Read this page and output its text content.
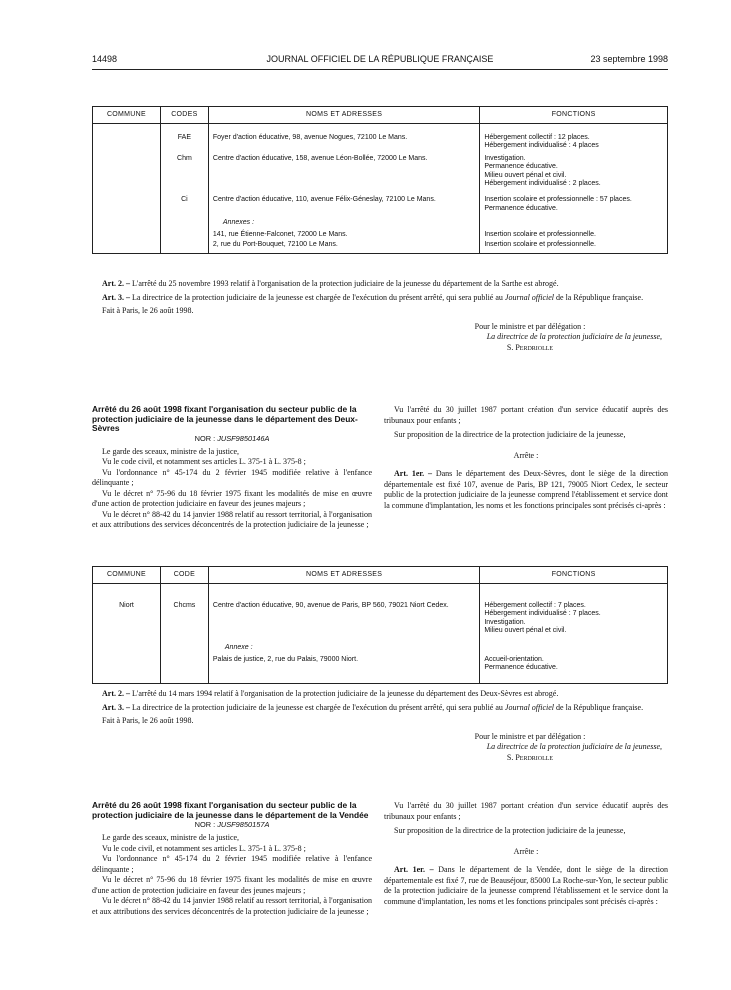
14498	JOURNAL OFFICIEL DE LA RÉPUBLIQUE FRANÇAISE	23 septembre 1998
COMMUNE	CODES	NOMS ET ADRESSES	FONCTIONS
	FAE	Foyer d'action éducative, 98, avenue Nogues, 72100 Le Mans.	Hébergement collectif : 12 places.
Hébergement individualisé : 4 places

	Chm	Centre d'action éducative, 158, avenue Léon-Bollée, 72000 Le Mans.	Investigation.
Permanence éducative.
Milieu ouvert pénal et civil.
Hébergement individualisé : 2 places.

	Ci	Centre d'action éducative, 110, avenue Félix-Géneslay, 72100 Le Mans.	Insertion scolaire et professionnelle : 57 places.
Permanence éducative.

		Annexes :	
		141, rue Étienne-Falconet, 72000 Le Mans.	Insertion scolaire et professionnelle.
		2, rue du Port-Bouquet, 72100 Le Mans.	Insertion scolaire et professionnelle.

Art. 2. – L'arrêté du 25 novembre 1993 relatif à l'organisation de la protection judiciaire de la jeunesse du département de la Sarthe est abrogé.

Art. 3. – La directrice de la protection judiciaire de la jeunesse est chargée de l'exécution du présent arrêté, qui sera publié au Journal officiel de la République française.

Fait à Paris, le 26 août 1998.

Pour le ministre et par délégation :

La directrice de la protection judiciaire de la jeunesse,

S. Perdriolle

Arrêté du 26 août 1998 fixant l'organisation du secteur public de la protection judiciaire de la jeunesse dans le département des Deux-Sèvres
NOR : JUSF9850146A

Le garde des sceaux, ministre de la justice,

Vu le code civil, et notamment ses articles L. 375-1 à L. 375-8 ;

Vu l'ordonnance n° 45-174 du 2 février 1945 modifiée relative à l'enfance délinquante ;

Vu le décret n° 75-96 du 18 février 1975 fixant les modalités de mise en œuvre d'une action de protection judiciaire en faveur des jeunes majeurs ;

Vu le décret n° 88-42 du 14 janvier 1988 relatif au ressort territorial, à l'organisation et aux attributions des services déconcentrés de la protection judiciaire de la jeunesse ;

Vu l'arrêté du 30 juillet 1987 portant création d'un service éducatif auprès des tribunaux pour enfants ;

Sur proposition de la directrice de la protection judiciaire de la jeunesse,

Arrête :

Art. 1er. – Dans le département des Deux-Sèvres, dont le siège de la direction départementale est fixé 107, avenue de Paris, BP 121, 79005 Niort Cedex, le secteur public de la protection judiciaire de la jeunesse comprend l'établissement et service dont la commune d'implantation, les noms et les fonctions principales sont précisés ci-après :

COMMUNE	CODE	NOMS ET ADRESSES	FONCTIONS
Niort	Chcms	Centre d'action éducative, 90, avenue de Paris, BP 560, 79021 Niort Cedex.	Hébergement collectif : 7 places.
Hébergement individualisé : 7 places.
Investigation.
Milieu ouvert pénal et civil.

		Annexe :	
		Palais de justice, 2, rue du Palais, 79000 Niort.	Accueil-orientation.
Permanence éducative.

Art. 2. – L'arrêté du 14 mars 1994 relatif à l'organisation de la protection judiciaire de la jeunesse du département des Deux-Sèvres est abrogé.

Art. 3. – La directrice de la protection judiciaire de la jeunesse est chargée de l'exécution du présent arrêté, qui sera publié au Journal officiel de la République française.

Fait à Paris, le 26 août 1998.

Pour le ministre et par délégation :

La directrice de la protection judiciaire de la jeunesse,

S. Perdriolle

Arrêté du 26 août 1998 fixant l'organisation du secteur public de la protection judiciaire de la jeunesse dans le département de la Vendée
NOR : JUSF9850157A

Le garde des sceaux, ministre de la justice,

Vu le code civil, et notamment ses articles L. 375-1 à L. 375-8 ;

Vu l'ordonnance n° 45-174 du 2 février 1945 modifiée relative à l'enfance délinquante ;

Vu le décret n° 75-96 du 18 février 1975 fixant les modalités de mise en œuvre d'une action de protection judiciaire en faveur des jeunes majeurs ;

Vu le décret n° 88-42 du 14 janvier 1988 relatif au ressort territorial, à l'organisation et aux attributions des services déconcentrés de la protection judiciaire de la jeunesse ;

Vu l'arrêté du 30 juillet 1987 portant création d'un service éducatif auprès des tribunaux pour enfants ;

Sur proposition de la directrice de la protection judiciaire de la jeunesse,

Arrête :

Art. 1er. – Dans le département de la Vendée, dont le siège de la direction départementale est fixé 7, rue de Beauséjour, 85000 La Roche-sur-Yon, le secteur public de la protection judiciaire de la jeunesse comprend l'établissement et le service dont la commune d'implantation, les noms et les fonctions principales sont précisés ci-après :
